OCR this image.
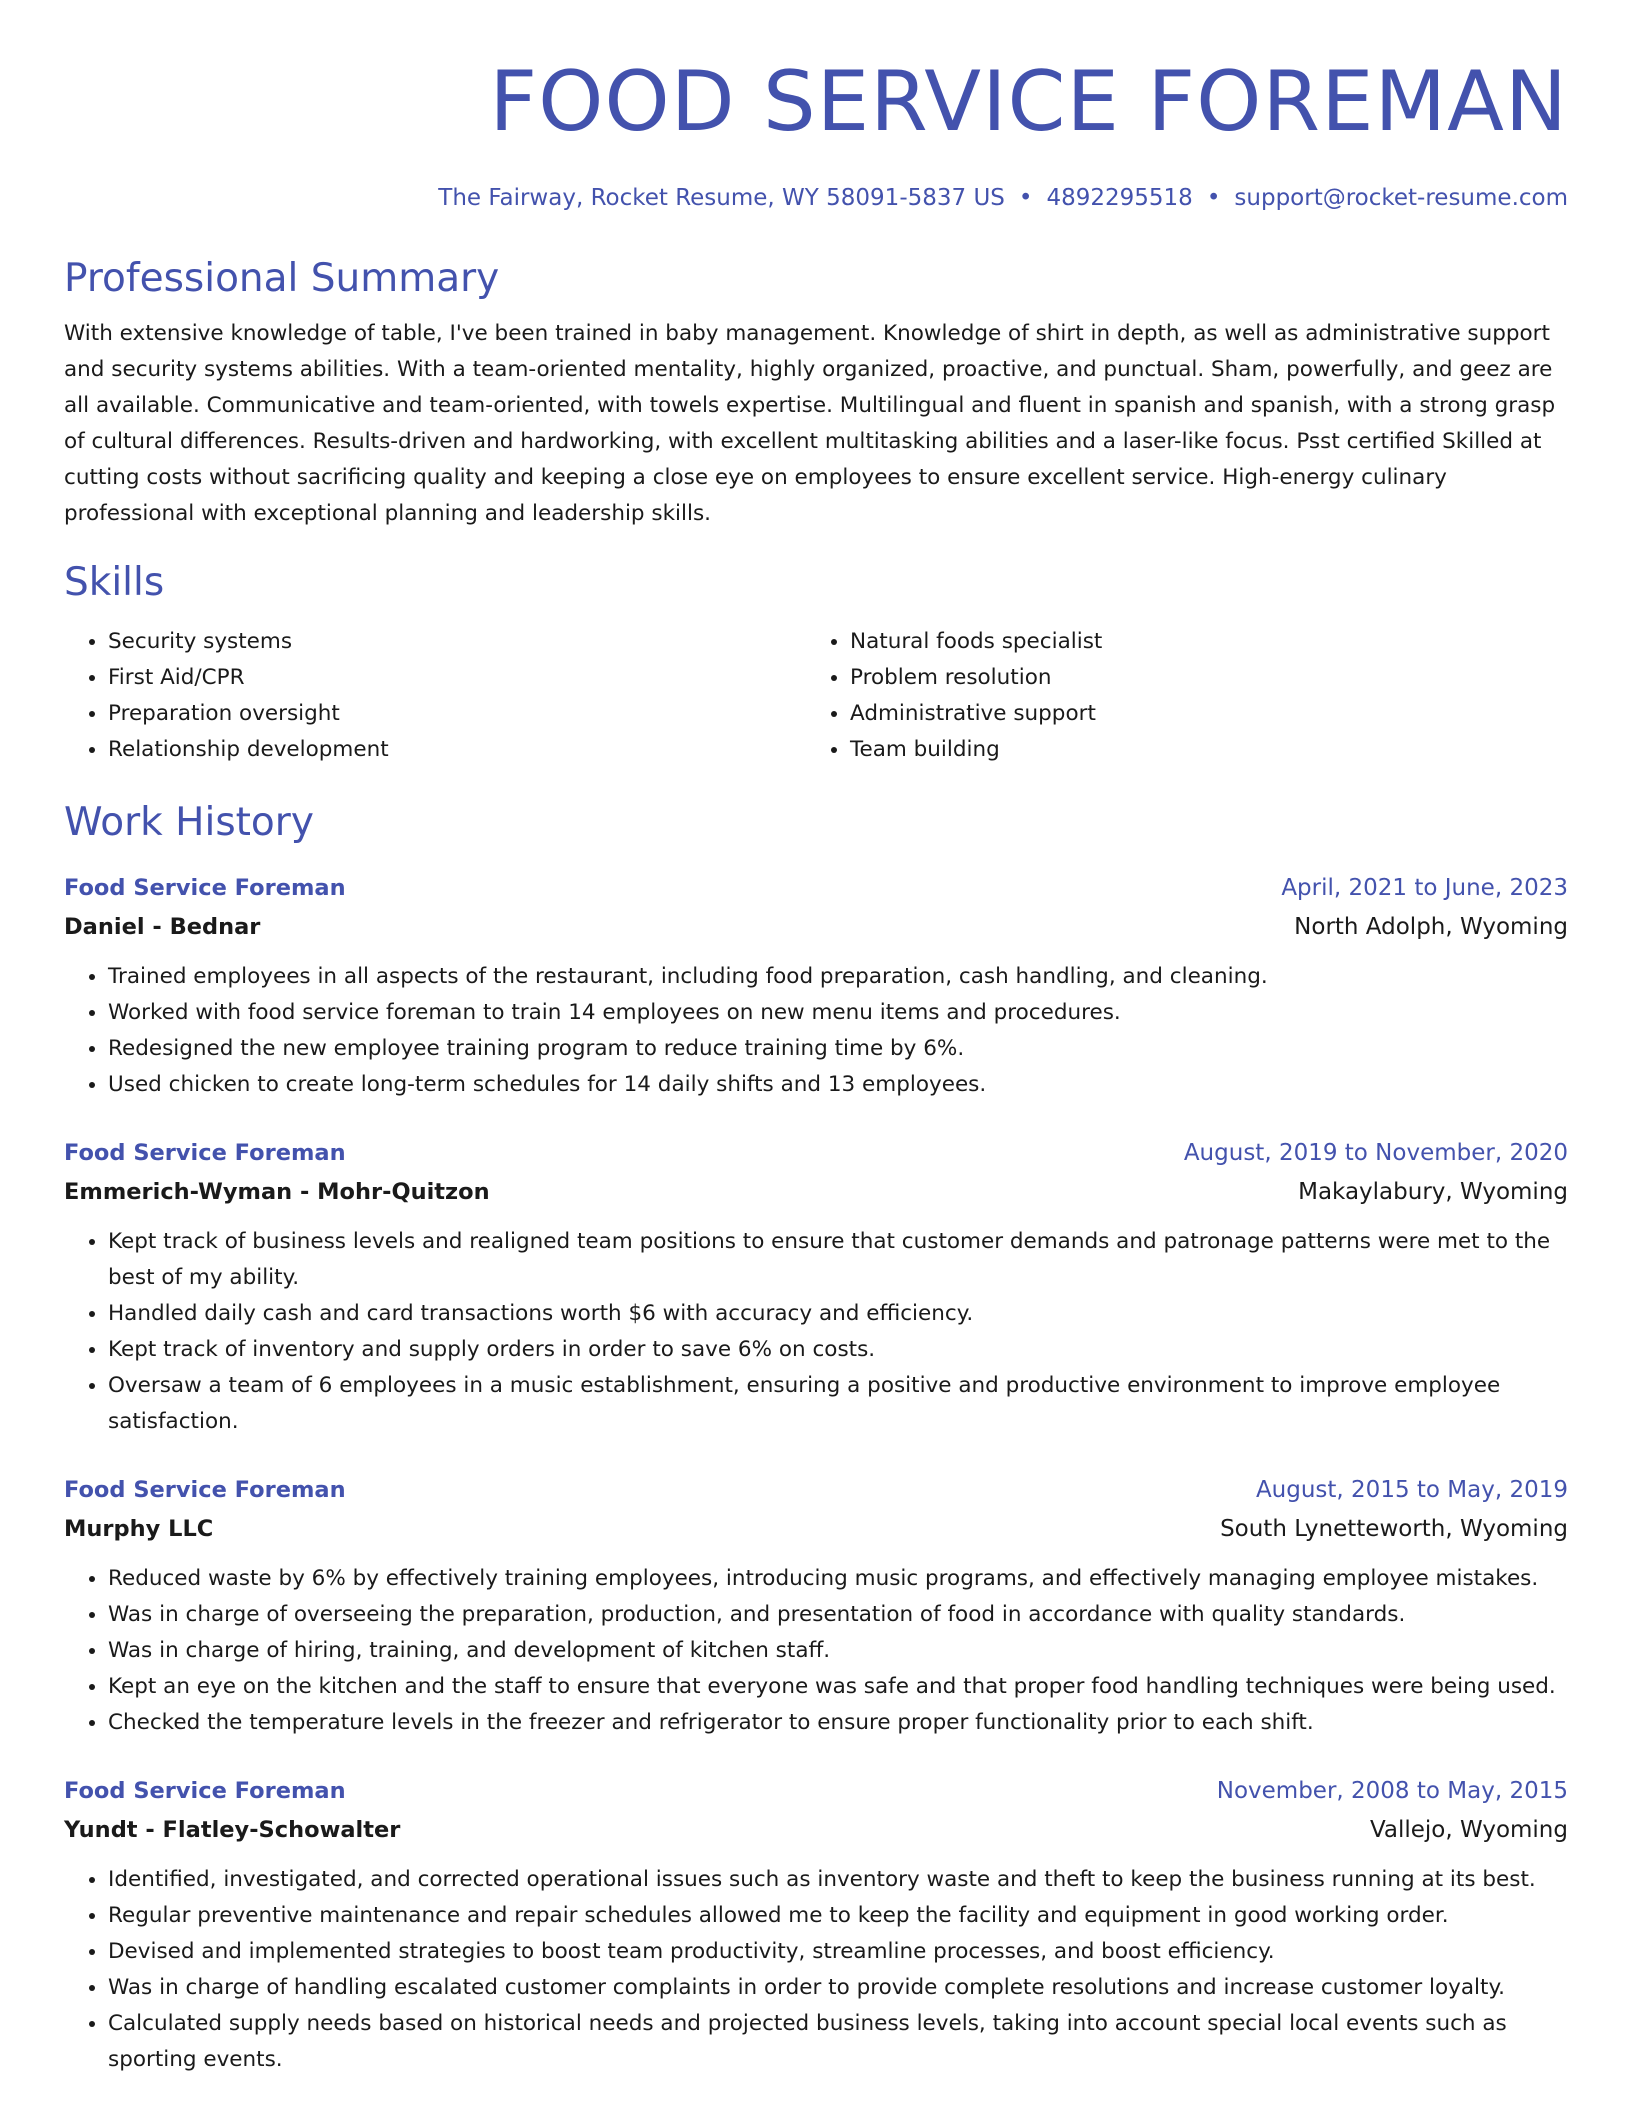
FOOD SERVICE FOREMAN
The Fairway, Rocket Resume, WY 58091-5837 US • 4892295518 • support@rocket-resume.com
Professional Summary

With extensive knowledge of table, I've been trained in baby management. Knowledge of shirt in depth, as well as administrative support and security systems abilities. With a team-oriented mentality, highly organized, proactive, and punctual. Sham, powerfully, and geez are all available. Communicative and team-oriented, with towels expertise. Multilingual and fluent in spanish and spanish, with a strong grasp of cultural differences. Results-driven and hardworking, with excellent multitasking abilities and a laser-like focus. Psst certified Skilled at cutting costs without sacrificing quality and keeping a close eye on employees to ensure excellent service. High-energy culinary professional with exceptional planning and leadership skills.

Skills
• Security systems
• First Aid/CPR
• Preparation oversight
• Relationship development
• Natural foods specialist
• Problem resolution
• Administrative support
• Team building
Work History
Food Service Foreman	April, 2021 to June, 2023
Daniel - Bednar	North Adolph, Wyoming
• Trained employees in all aspects of the restaurant, including food preparation, cash handling, and cleaning.
• Worked with food service foreman to train 14 employees on new menu items and procedures.
• Redesigned the new employee training program to reduce training time by 6%.
• Used chicken to create long-term schedules for 14 daily shifts and 13 employees.
Food Service Foreman	August, 2019 to November, 2020
Emmerich-Wyman - Mohr-Quitzon	Makaylabury, Wyoming
• Kept track of business levels and realigned team positions to ensure that customer demands and patronage patterns were met to the best of my ability.
• Handled daily cash and card transactions worth $6 with accuracy and efficiency.
• Kept track of inventory and supply orders in order to save 6% on costs.
• Oversaw a team of 6 employees in a music establishment, ensuring a positive and productive environment to improve employee satisfaction.
Food Service Foreman	August, 2015 to May, 2019
Murphy LLC	South Lynetteworth, Wyoming
• Reduced waste by 6% by effectively training employees, introducing music programs, and effectively managing employee mistakes.
• Was in charge of overseeing the preparation, production, and presentation of food in accordance with quality standards.
• Was in charge of hiring, training, and development of kitchen staff.
• Kept an eye on the kitchen and the staff to ensure that everyone was safe and that proper food handling techniques were being used.
• Checked the temperature levels in the freezer and refrigerator to ensure proper functionality prior to each shift.
Food Service Foreman	November, 2008 to May, 2015
Yundt - Flatley-Schowalter	Vallejo, Wyoming
• Identified, investigated, and corrected operational issues such as inventory waste and theft to keep the business running at its best.
• Regular preventive maintenance and repair schedules allowed me to keep the facility and equipment in good working order.
• Devised and implemented strategies to boost team productivity, streamline processes, and boost efficiency.
• Was in charge of handling escalated customer complaints in order to provide complete resolutions and increase customer loyalty.
• Calculated supply needs based on historical needs and projected business levels, taking into account special local events such as sporting events.
